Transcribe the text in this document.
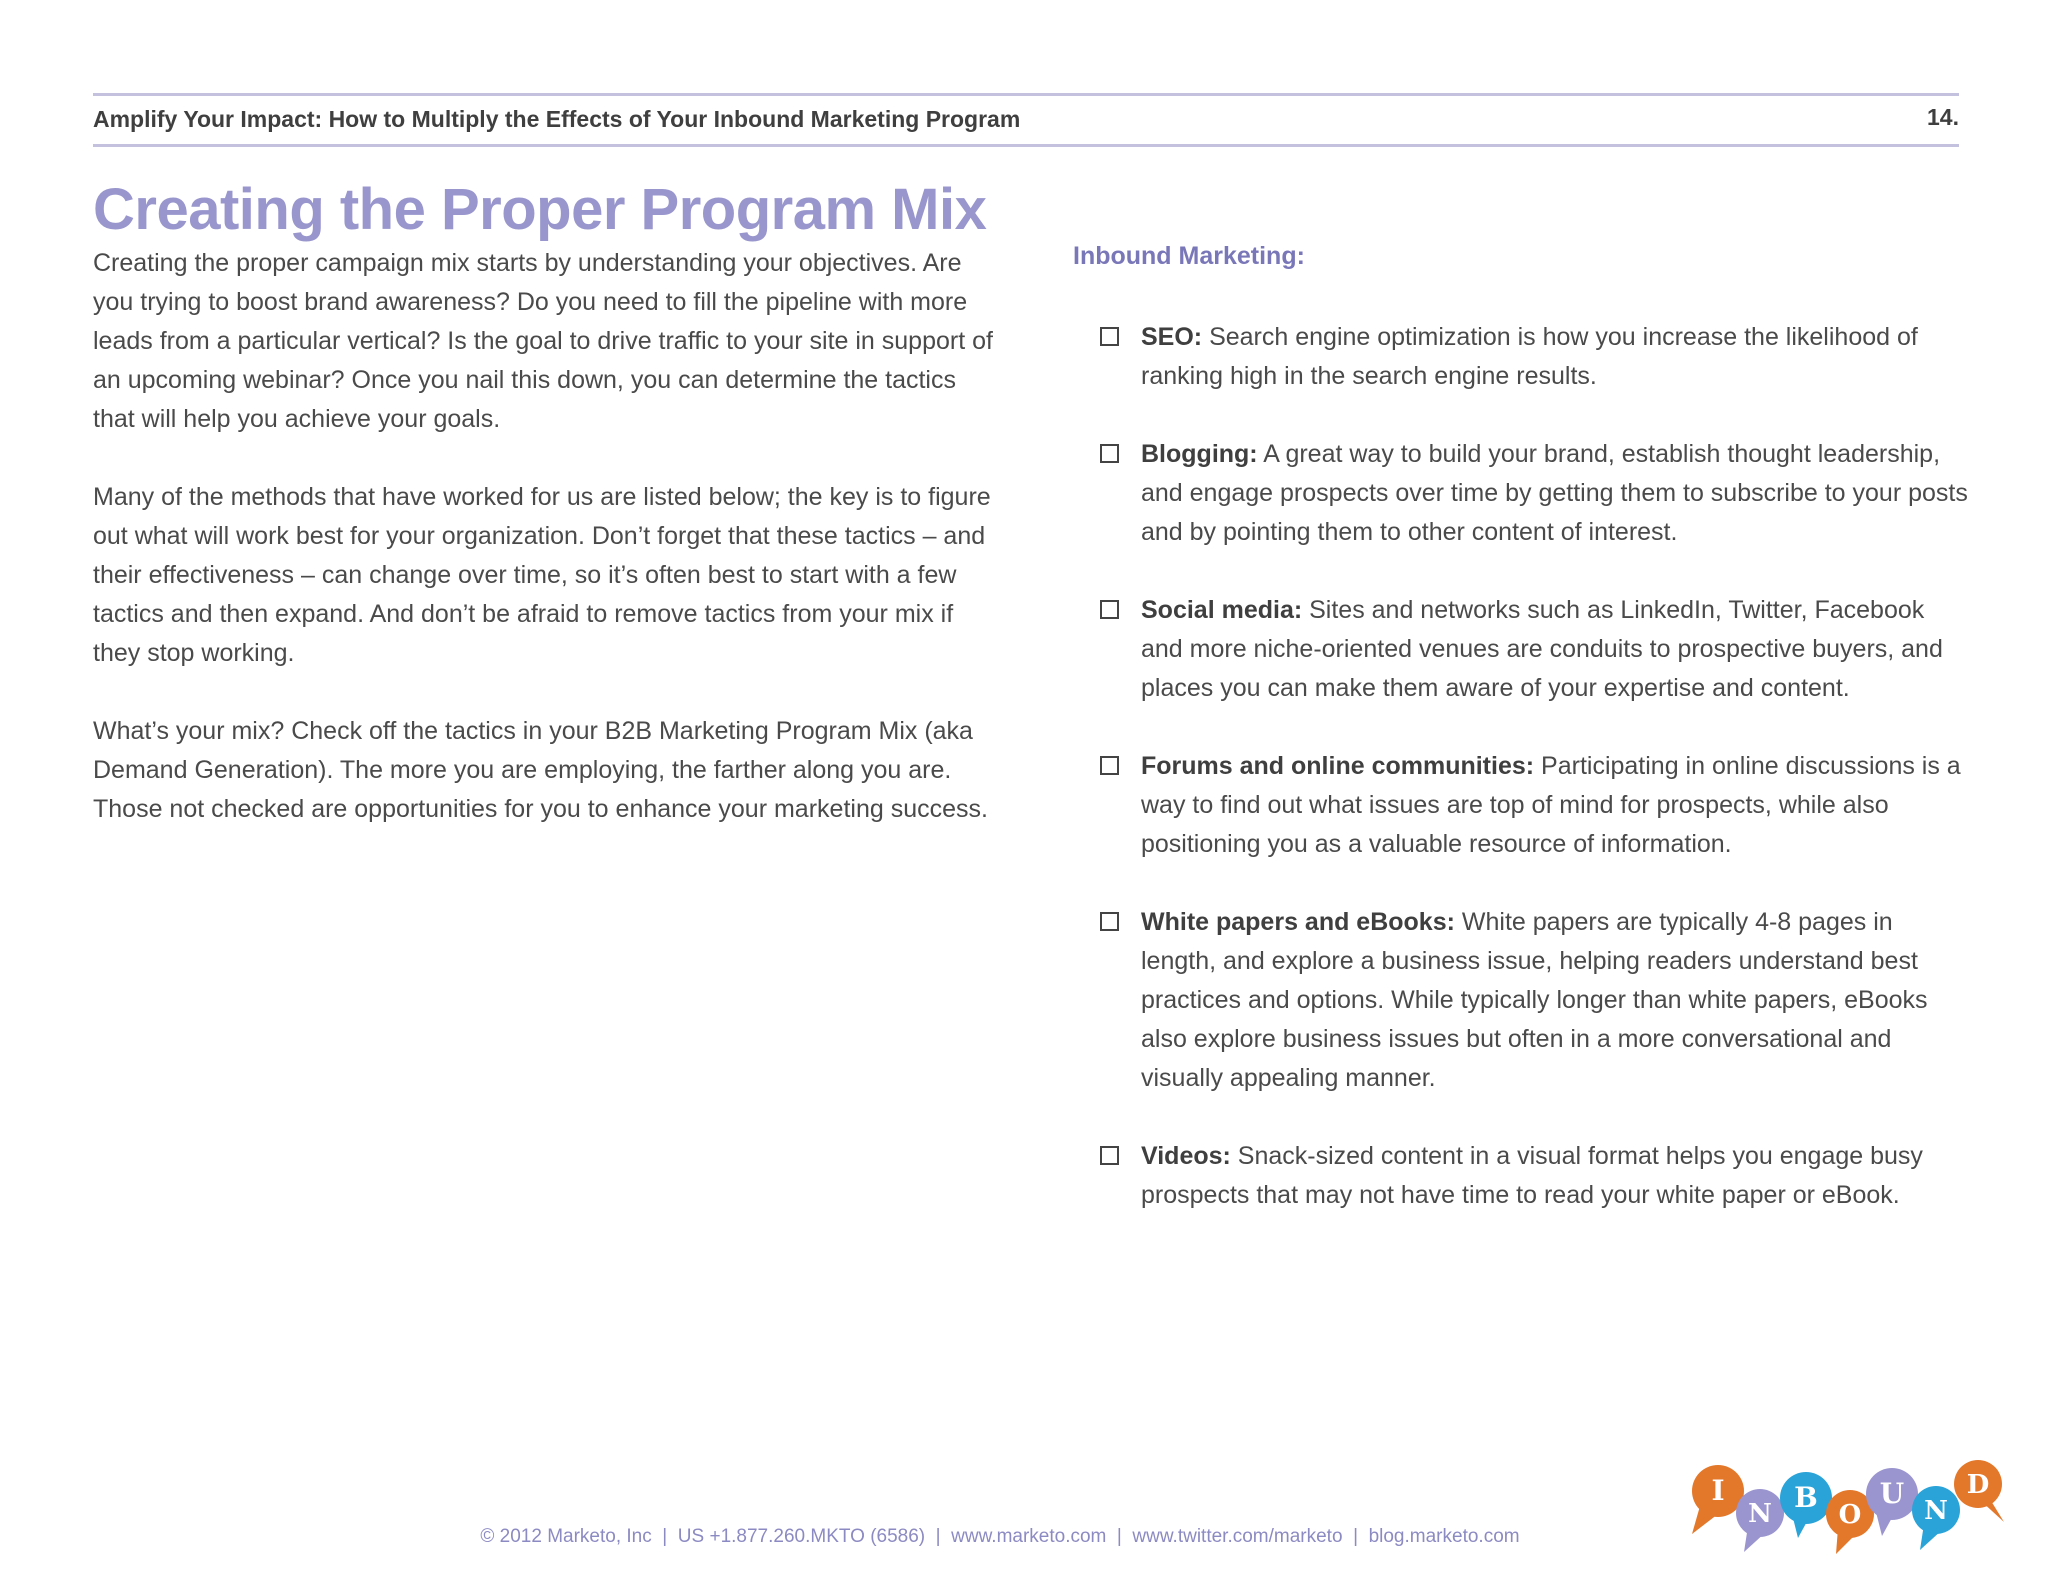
Amplify Your Impact: How to Multiply the Effects of Your Inbound Marketing Program	14.
Creating the Proper Program Mix

Creating the proper campaign mix starts by understanding your objectives. Are you trying to boost brand awareness? Do you need to fill the pipeline with more leads from a particular vertical? Is the goal to drive traffic to your site in support of an upcoming webinar? Once you nail this down, you can determine the tactics that will help you achieve your goals.

Many of the methods that have worked for us are listed below; the key is to figure out what will work best for your organization. Don’t forget that these tactics – and their effectiveness – can change over time, so it’s often best to start with a few tactics and then expand. And don’t be afraid to remove tactics from your mix if they stop working.

What’s your mix? Check off the tactics in your B2B Marketing Program Mix (aka Demand Generation). The more you are employing, the farther along you are. Those not checked are opportunities for you to enhance your marketing success.

Inbound Marketing:
SEO: Search engine optimization is how you increase the likelihood of ranking high in the search engine results.
Blogging: A great way to build your brand, establish thought leadership, and engage prospects over time by getting them to subscribe to your posts and by pointing them to other content of interest.
Social media: Sites and networks such as LinkedIn, Twitter, Facebook and more niche-oriented venues are conduits to prospective buyers, and places you can make them aware of your expertise and content.
Forums and online communities: Participating in online discussions is a way to find out what issues are top of mind for prospects, while also positioning you as a valuable resource of information.
White papers and eBooks: White papers are typically 4-8 pages in length, and explore a business issue, helping readers understand best practices and options. While typically longer than white papers, eBooks also explore business issues but often in a more conversational and visually appealing manner.
Videos: Snack-sized content in a visual format helps you engage busy prospects that may not have time to read your white paper or eBook.
© 2012 Marketo, Inc  |  US +1.877.260.MKTO (6586)  |  www.marketo.com  |  www.twitter.com/marketo  |  blog.marketo.com
I
N B
O
U
N
D
